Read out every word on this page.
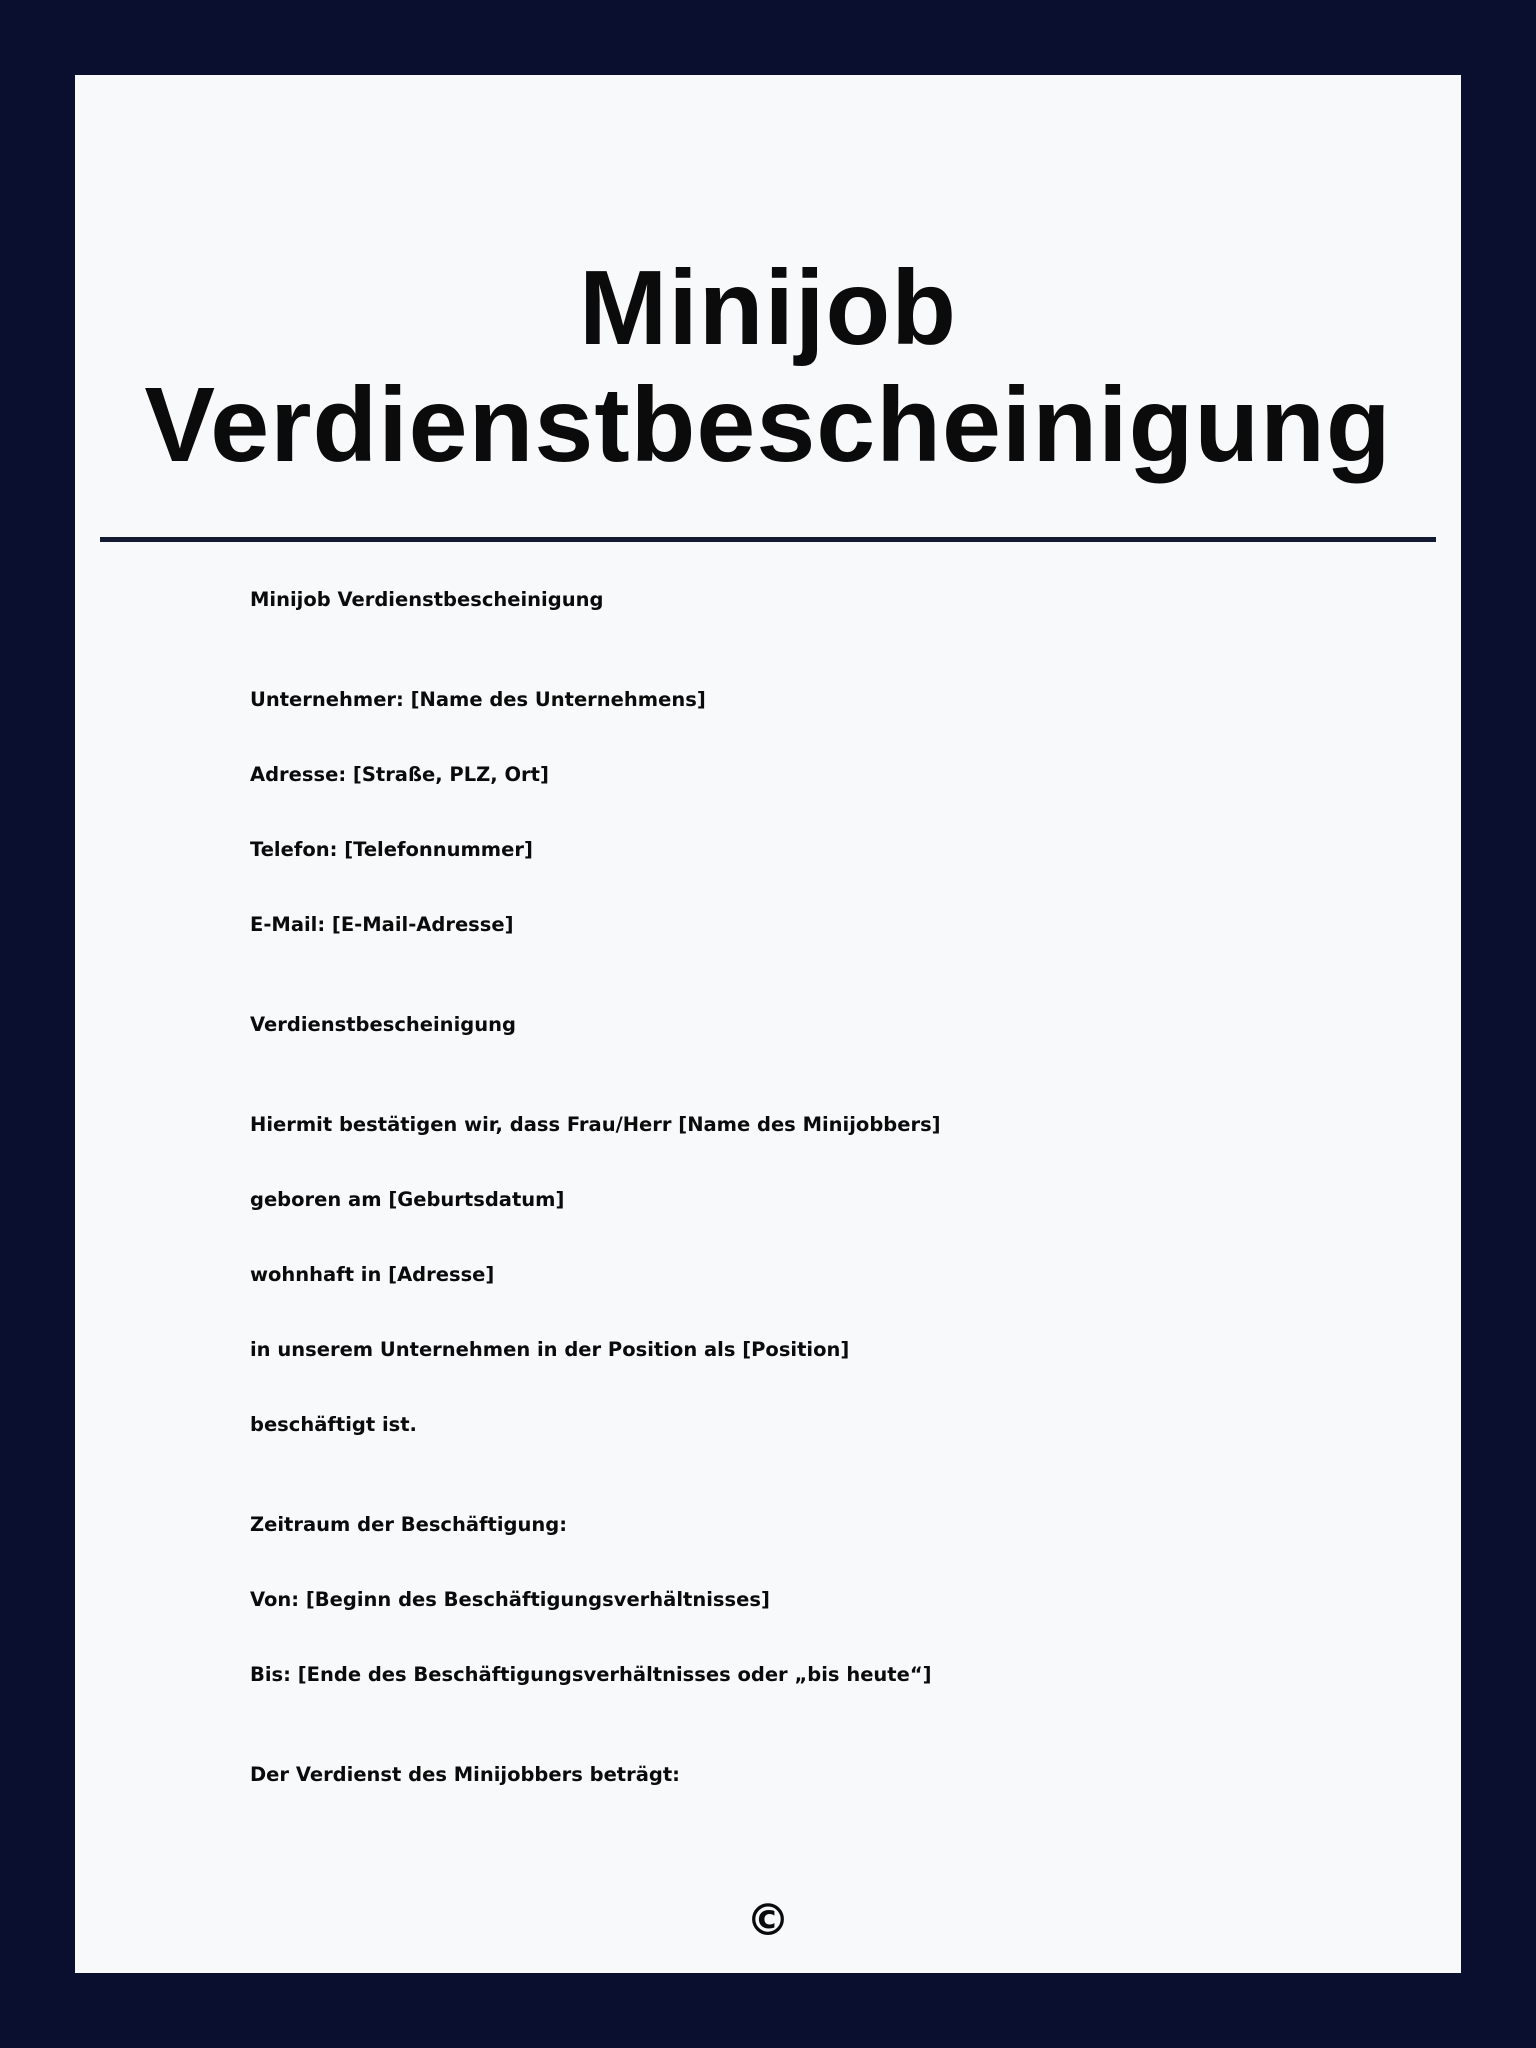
Minijob
Verdienstbescheinigung
Minijob Verdienstbescheinigung
Unternehmer: [Name des Unternehmens]
Adresse: [Straße, PLZ, Ort]
Telefon: [Telefonnummer]
E-Mail: [E-Mail-Adresse]
Verdienstbescheinigung
Hiermit bestätigen wir, dass Frau/Herr [Name des Minijobbers]
geboren am [Geburtsdatum]
wohnhaft in [Adresse]
in unserem Unternehmen in der Position als [Position]
beschäftigt ist.
Zeitraum der Beschäftigung:
Von: [Beginn des Beschäftigungsverhältnisses]
Bis: [Ende des Beschäftigungsverhältnisses oder „bis heute“]
Der Verdienst des Minijobbers beträgt:
©
